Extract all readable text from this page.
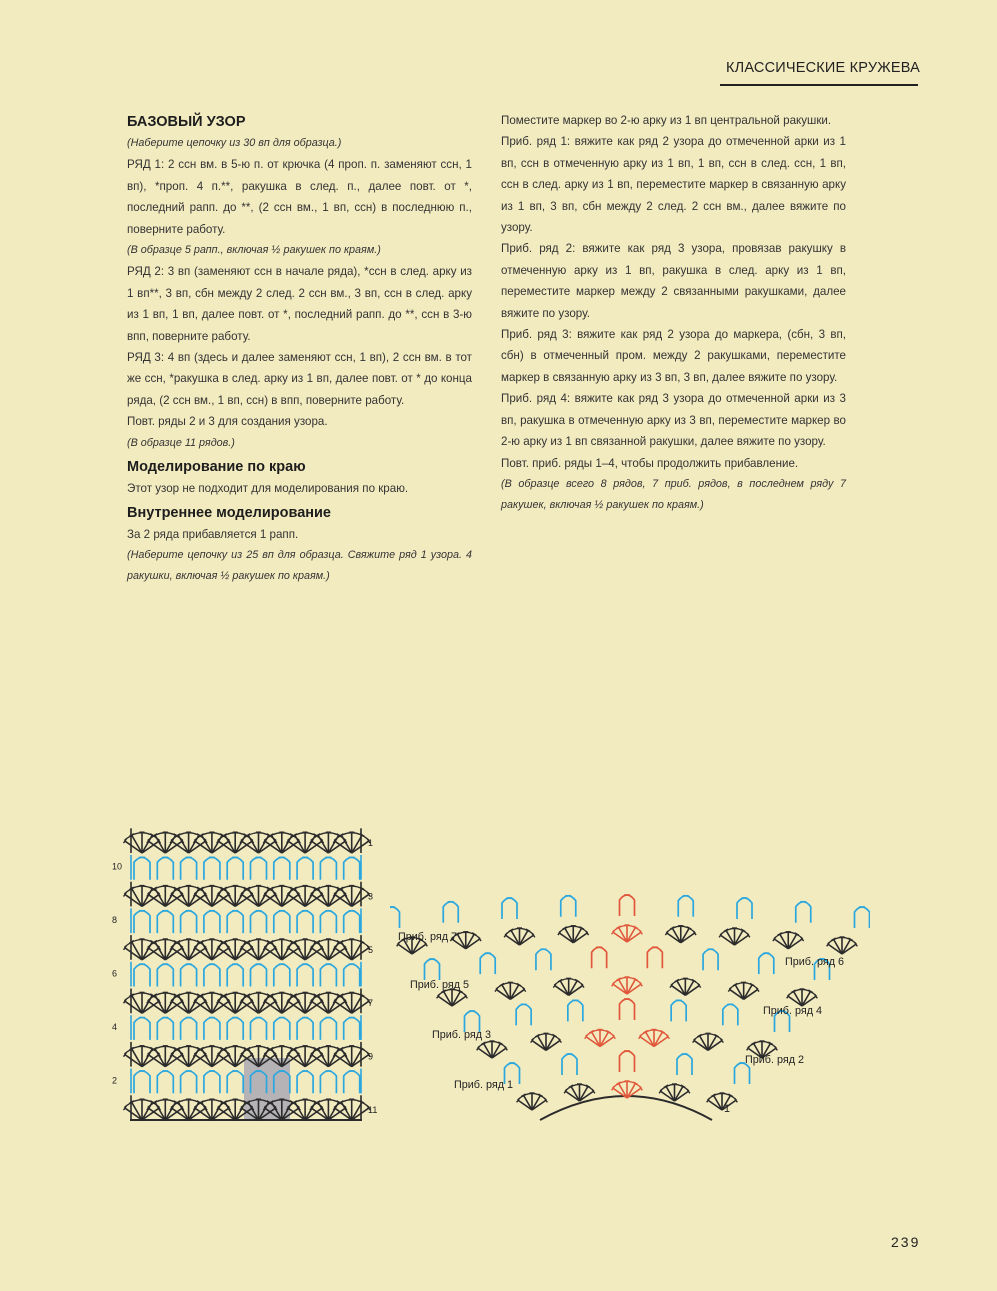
КЛАССИЧЕСКИЕ КРУЖЕВА
БАЗОВЫЙ УЗОР

(Наберите цепочку из 30 вп для образца.)

РЯД 1: 2 ссн вм. в 5-ю п. от крючка (4 проп. п. заменяют ссн, 1 вп), *проп. 4 п.**, ракушка в след. п., далее повт. от *, последний рапп. до **, (2 ссн вм., 1 вп, ссн) в последнюю п., поверните работу.

(В образце 5 рапп., включая ½ ракушек по краям.)

РЯД 2: 3 вп (заменяют ссн в начале ряда), *ссн в след. арку из 1 вп**, 3 вп, сбн между 2 след. 2 ссн вм., 3 вп, ссн в след. арку из 1 вп, 1 вп, далее повт. от *, последний рапп. до **, ссн в 3-ю впп, поверните работу.

РЯД 3: 4 вп (здесь и далее заменяют ссн, 1 вп), 2 ссн вм. в тот же ссн, *ракушка в след. арку из 1 вп, далее повт. от * до конца ряда, (2 ссн вм., 1 вп, ссн) в впп, поверните работу.

Повт. ряды 2 и 3 для создания узора.

(В образце 11 рядов.)

Моделирование по краю

Этот узор не подходит для моделирования по краю.

Внутреннее моделирование

За 2 ряда прибавляется 1 рапп.

(Наберите цепочку из 25 вп для образца. Свяжите ряд 1 узора. 4 ракушки, включая ½ ракушек по краям.)

Поместите маркер во 2-ю арку из 1 вп центральной ракушки.

Приб. ряд 1: вяжите как ряд 2 узора до отмеченной арки из 1 вп, ссн в отмеченную арку из 1 вп, 1 вп, ссн в след. ссн, 1 вп, ссн в след. арку из 1 вп, переместите маркер в связанную арку из 1 вп, 3 вп, сбн между 2 след. 2 ссн вм., далее вяжите по узору.

Приб. ряд 2: вяжите как ряд 3 узора, провязав ракушку в отмеченную арку из 1 вп, ракушка в след. арку из 1 вп, переместите маркер между 2 связанными ракушками, далее вяжите по узору.

Приб. ряд 3: вяжите как ряд 2 узора до маркера, (сбн, 3 вп, сбн) в отмеченный пром. между 2 ракушками, переместите маркер в связанную арку из 3 вп, 3 вп, далее вяжите по узору.

Приб. ряд 4: вяжите как ряд 3 узора до отмеченной арки из 3 вп, ракушка в отмеченную арку из 3 вп, переместите маркер во 2-ю арку из 1 вп связанной ракушки, далее вяжите по узору.

Повт. приб. ряды 1–4, чтобы продолжить прибавление.

(В образце всего 8 рядов, 7 приб. рядов, в последнем ряду 7 ракушек, включая ½ ракушек по краям.)

11
9
7
5
3
1
10
8
6
4
2
Приб. ряд 7
Приб. ряд 5
Приб. ряд 3
Приб. ряд 1
Приб. ряд 6
Приб. ряд 4
Приб. ряд 2
1
239
